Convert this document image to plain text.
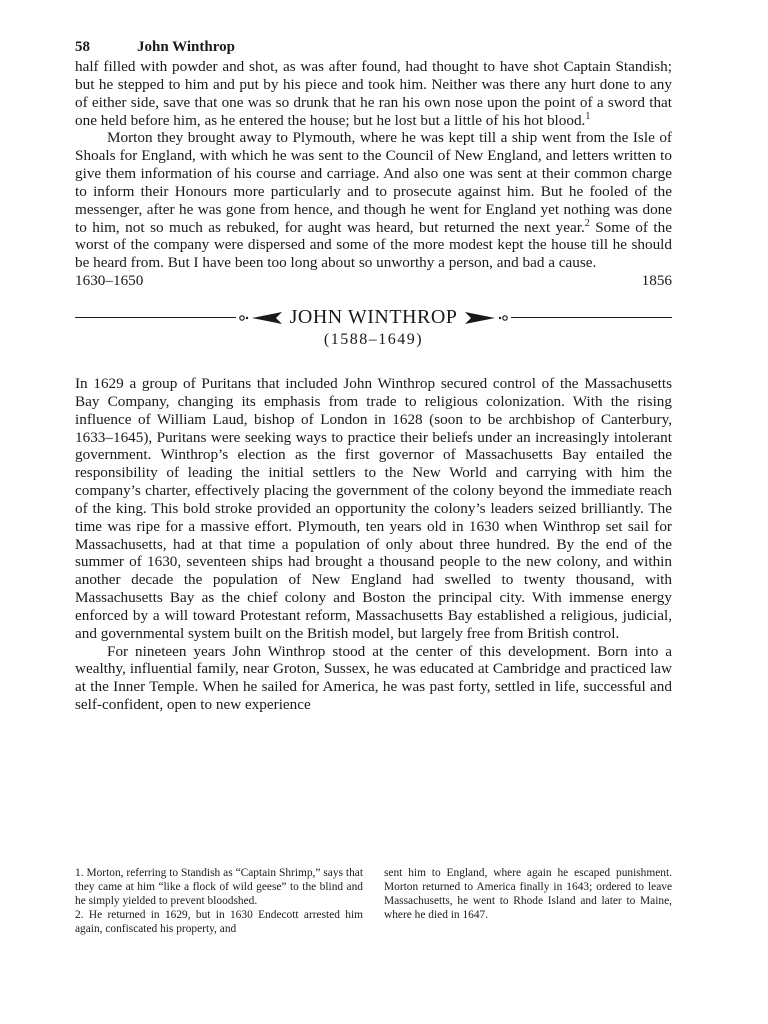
58	John Winthrop

half filled with powder and shot, as was after found, had thought to have shot Captain Standish; but he stepped to him and put by his piece and took him. Neither was there any hurt done to any of either side, save that one was so drunk that he ran his own nose upon the point of a sword that one held before him, as he entered the house; but he lost but a little of his hot blood.$^1$

Morton they brought away to Plymouth, where he was kept till a ship went from the Isle of Shoals for England, with which he was sent to the Council of New England, and letters written to give them information of his course and carriage. And also one was sent at their common charge to inform their Honours more particularly and to prosecute against him. But he fooled of the messenger, after he was gone from hence, and though he went for England yet nothing was done to him, not so much as rebuked, for aught was heard, but returned the next year.$^2$ Some of the worst of the company were dispersed and some of the more modest kept the house till he should be heard from. But I have been too long about so unworthy a person, and bad a cause.

1630–1650	1856
JOHN WINTHROP
(1588–1649)

In 1629 a group of Puritans that included John Winthrop secured control of the Massachusetts Bay Company, changing its emphasis from trade to religious colonization. With the rising influence of William Laud, bishop of London in 1628 (soon to be archbishop of Canterbury, 1633–1645), Puritans were seeking ways to practice their beliefs under an increasingly intolerant government. Winthrop’s election as the first governor of Massachusetts Bay entailed the responsibility of leading the initial settlers to the New World and carrying with him the company’s charter, effectively placing the government of the colony beyond the immediate reach of the king. This bold stroke provided an opportunity the colony’s leaders seized brilliantly. The time was ripe for a massive effort. Plymouth, ten years old in 1630 when Winthrop set sail for Massachusetts, had at that time a population of only about three hundred. By the end of the summer of 1630, seventeen ships had brought a thousand people to the new colony, and within another decade the population of New England had swelled to twenty thousand, with Massachusetts Bay as the chief colony and Boston the principal city. With immense energy enforced by a will toward Protestant reform, Massachusetts Bay established a religious, judicial, and governmental system built on the British model, but largely free from British control.

For nineteen years John Winthrop stood at the center of this development. Born into a wealthy, influential family, near Groton, Sussex, he was educated at Cambridge and practiced law at the Inner Temple. When he sailed for America, he was past forty, settled in life, successful and self-confident, open to new experience

1. Morton, referring to Standish as “Captain Shrimp,” says that they came at him “like a flock of wild geese” to the blind and he simply yielded to prevent bloodshed.

2. He returned in 1629, but in 1630 Endecott arrested him again, confiscated his property, and

sent him to England, where again he escaped punishment. Morton returned to America finally in 1643; ordered to leave Massachusetts, he went to Rhode Island and later to Maine, where he died in 1647.
